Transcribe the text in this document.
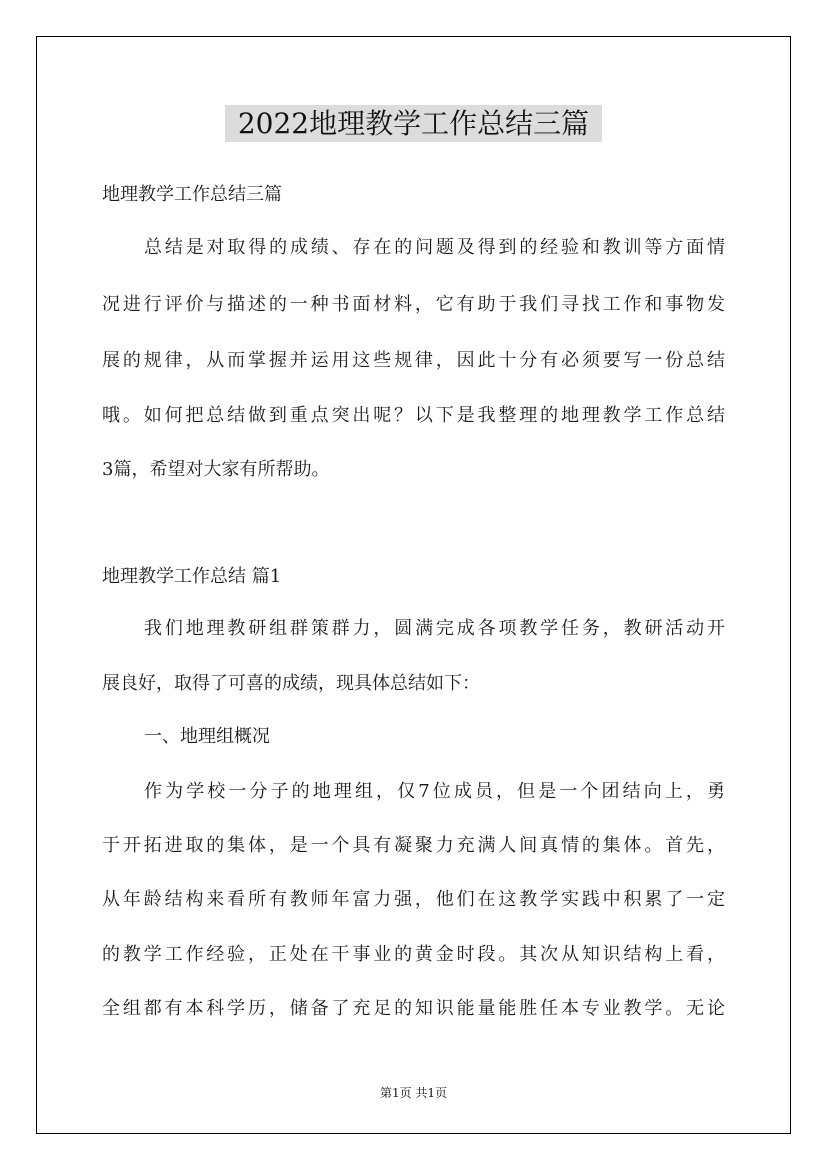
2022地理教学工作总结三篇
地理教学工作总结三篇
总结是对取得的成绩、存在的问题及得到的经验和教训等方面情
况进行评价与描述的一种书面材料，它有助于我们寻找工作和事物发
展的规律，从而掌握并运用这些规律，因此十分有必须要写一份总结
哦。如何把总结做到重点突出呢？以下是我整理的地理教学工作总结
3篇，希望对大家有所帮助。
地理教学工作总结 篇1
我们地理教研组群策群力，圆满完成各项教学任务，教研活动开
展良好，取得了可喜的成绩，现具体总结如下：
一、地理组概况
作为学校一分子的地理组，仅7位成员，但是一个团结向上，勇
于开拓进取的集体，是一个具有凝聚力充满人间真情的集体。首先，
从年龄结构来看所有教师年富力强，他们在这教学实践中积累了一定
的教学工作经验，正处在干事业的黄金时段。其次从知识结构上看，
全组都有本科学历，储备了充足的知识能量能胜任本专业教学。无论
第1页 共1页
